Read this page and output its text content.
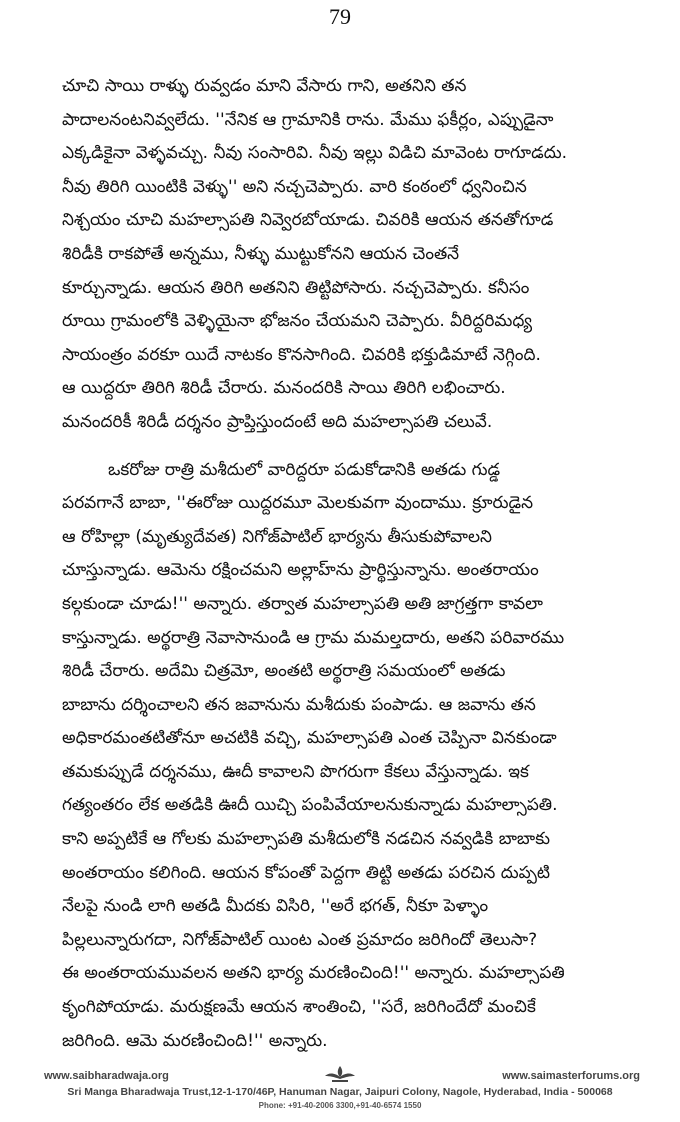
79

చూచి సాయి రాళ్ళు రువ్వడం మాని వేసారు గాని, అతనిని తన

పాదాలనంటనివ్వలేదు. ''నేనిక ఆ గ్రామానికి రాను. మేము ఫకీర్లం, ఎప్పుడైనా

ఎక్కడికైనా వెళ్ళవచ్చు. నీవు సంసారివి. నీవు ఇల్లు విడిచి మావెంట రాగూడదు.

నీవు తిరిగి యింటికి వెళ్ళు'' అని నచ్చచెప్పారు. వారి కంఠంలో ధ్వనించిన

నిశ్చయం చూచి మహల్సాపతి నివ్వెరబోయాడు. చివరికి ఆయన తనతోగూడ

శిరిడీకి రాకపోతే అన్నము, నీళ్ళు ముట్టుకోనని ఆయన చెంతనే

కూర్చున్నాడు. ఆయన తిరిగి అతనిని తిట్టిపోసారు. నచ్చచెప్పారు. కనీసం

రూయి గ్రామంలోకి వెళ్ళియైనా భోజనం చేయమని చెప్పారు. వీరిద్దరిమధ్య

సాయంత్రం వరకూ యిదే నాటకం కొనసాగింది. చివరికి భక్తుడిమాటే నెగ్గింది.

ఆ యిద్దరూ తిరిగి శిరిడీ చేరారు. మనందరికి సాయి తిరిగి లభించారు.

మనందరికీ శిరిడీ దర్శనం ప్రాప్తిస్తుందంటే అది మహల్సాపతి చలువే.

ఒకరోజు రాత్రి మశీదులో వారిద్దరూ పడుకోడానికి అతడు గుడ్డ

పరవగానే బాబా, ''ఈరోజు యిద్దరమూ మెలకువగా వుందాము. క్రూరుడైన

ఆ రోహిల్లా (మృత్యుదేవత) నిగోజ్‌పాటిల్ భార్యను తీసుకుపోవాలని

చూస్తున్నాడు. ఆమెను రక్షించమని అల్లాహ్‌ను ప్రార్థిస్తున్నాను. అంతరాయం

కల్గకుండా చూడు!'' అన్నారు. తర్వాత మహల్సాపతి అతి జాగ్రత్తగా కావలా

కాస్తున్నాడు. అర్థరాత్రి నెవాసానుండి ఆ గ్రామ మమల్తదారు, అతని పరివారము

శిరిడీ చేరారు. అదేమి చిత్రమో, అంతటి అర్థరాత్రి సమయంలో అతడు

బాబాను దర్శించాలని తన జవానును మశీదుకు పంపాడు. ఆ జవాను తన

అధికారమంతటితోనూ అచటికి వచ్చి, మహల్సాపతి ఎంత చెప్పినా వినకుండా

తమకుప్పుడే దర్శనము, ఊదీ కావాలని పొగరుగా కేకలు వేస్తున్నాడు. ఇక

గత్యంతరం లేక అతడికి ఊదీ యిచ్చి పంపివేయాలనుకున్నాడు మహల్సాపతి.

కాని అప్పటికే ఆ గోలకు మహల్సాపతి మశీదులోకి నడచిన నవ్వడికి బాబాకు

అంతరాయం కలిగింది. ఆయన కోపంతో పెద్దగా తిట్టి అతడు పరచిన దుప్పటి

నేలపై నుండి లాగి అతడి మీదకు విసిరి, ''అరే భగత్, నీకూ పెళ్ళాం

పిల్లలున్నారుగదా, నిగోజ్‌పాటిల్ యింట ఎంత ప్రమాదం జరిగిందో తెలుసా?

ఈ అంతరాయమువలన అతని భార్య మరణించింది!'' అన్నారు. మహల్సాపతి

కృంగిపోయాడు. మరుక్షణమే ఆయన శాంతించి, ''సరే, జరిగిందేదో మంచికే

జరిగింది. ఆమె మరణించింది!'' అన్నారు.

www.saibharadwaja.org	www.saimasterforums.org
Sri Manga Bharadwaja Trust,12-1-170/46P, Hanuman Nagar, Jaipuri Colony, Nagole, Hyderabad, India - 500068
Phone: +91-40-2006 3300,+91-40-6574 1550
